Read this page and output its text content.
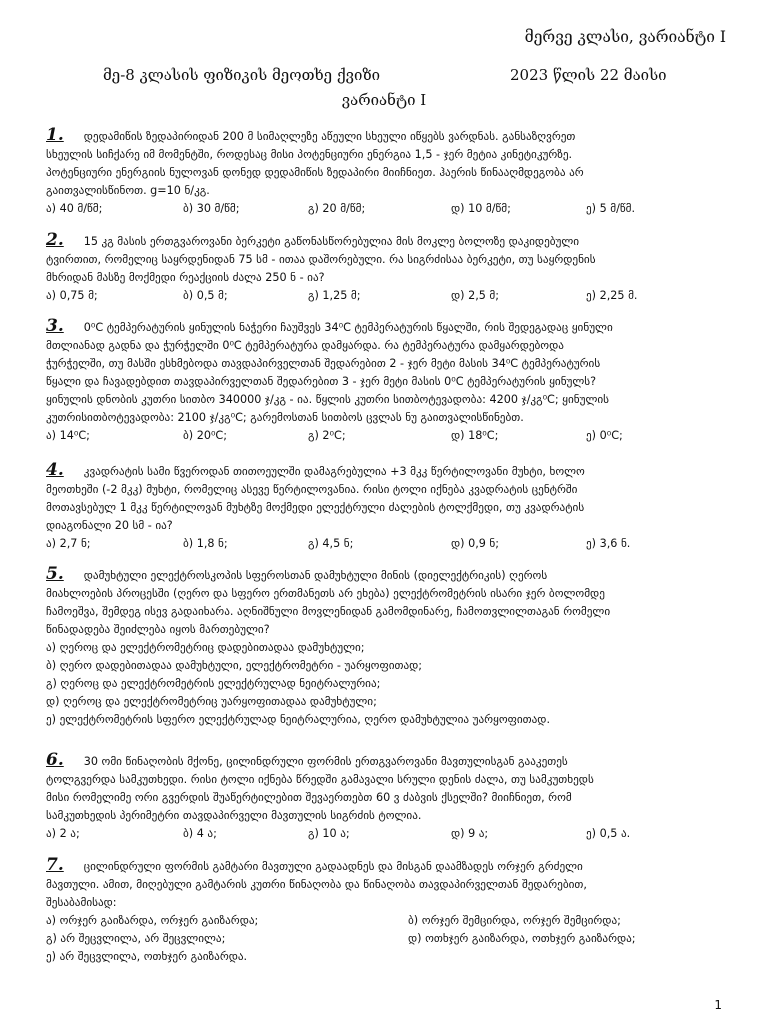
მერვე კლასი, ვარიანტი I
მე-8 კლასის ფიზიკის მეოთხე ქვიზი	2023 წლის 22 მაისი
ვარიანტი I

1. დედამიწის ზედაპირიდან 200 მ სიმაღლეზე აწეული სხეული იწყებს ვარდნას. განსაზღვრეთ

სხეულის სიჩქარე იმ მომენტში, როდესაც მისი პოტენციური ენერგია 1,5 - ჯერ მეტია კინეტიკურზე.

პოტენციური ენერგიის ნულოვან დონედ დედამიწის ზედაპირი მიიჩნიეთ. ჰაერის წინააღმდეგობა არ

გაითვალისწინოთ. g=10 ნ/კგ.

ა) 40 მ/წმ;	ბ) 30 მ/წმ;	გ) 20 მ/წმ;	დ) 10 მ/წმ;	ე) 5 მ/წმ.

2. 15 კგ მასის ერთგვაროვანი ბერკეტი გაწონასწორებულია მის მოკლე ბოლოზე დაკიდებული

ტვირთით, რომელიც საყრდენიდან 75 სმ - ითაა დაშორებული. რა სიგრძისაა ბერკეტი, თუ საყრდენის

მხრიდან მასზე მოქმედი რეაქციის ძალა 250 ნ - ია?

ა) 0,75 მ;	ბ) 0,5 მ;	გ) 1,25 მ;	დ) 2,5 მ;	ე) 2,25 მ.

3. 0⁰C ტემპერატურის ყინულის ნაჭერი ჩაუშვეს 34⁰C ტემპერატურის წყალში, რის შედეგადაც ყინული

მთლიანად გადნა და ჭურჭელში 0⁰C ტემპერატურა დამყარდა. რა ტემპერატურა დამყარდებოდა

ჭურჭელში, თუ მასში ესხმებოდა თავდაპირველთან შედარებით 2 - ჯერ მეტი მასის 34⁰C ტემპერატურის

წყალი და ჩავადებდით თავდაპირველთან შედარებით 3 - ჯერ მეტი მასის 0⁰C ტემპერატურის ყინულს?

ყინულის დნობის კუთრი სითბო 340000 ჯ/კგ - ია. წყლის კუთრი სითბოტევადობა: 4200 ჯ/კგ⁰C; ყინულის

კუთრისითბოტევადობა: 2100 ჯ/კგ⁰C; გარემოსთან სითბოს ცვლას ნუ გაითვალისწინებთ.

ა) 14⁰C;	ბ) 20⁰C;	გ) 2⁰C;	დ) 18⁰C;	ე) 0⁰C;

4. კვადრატის სამი წვეროდან თითოეულში დამაგრებულია +3 მკკ წერტილოვანი მუხტი, ხოლო

მეოთხეში (-2 მკკ) მუხტი, რომელიც ასევე წერტილოვანია. რისი ტოლი იქნება კვადრატის ცენტრში

მოთავსებულ 1 მკკ წერტილოვან მუხტზე მოქმედი ელექტრული ძალების ტოლქმედი, თუ კვადრატის

დიაგონალი 20 სმ - ია?

ა) 2,7 ნ;	ბ) 1,8 ნ;	გ) 4,5 ნ;	დ) 0,9 ნ;	ე) 3,6 ნ.

5. დამუხტული ელექტროსკოპის სფეროსთან დამუხტული მინის (დიელექტრიკის) ღეროს

მიახლოების პროცესში (ღერო და სფერო ერთმანეთს არ ეხება) ელექტრომეტრის ისარი ჯერ ბოლომდე

ჩამოეშვა, შემდეგ ისევ გადაიხარა. აღნიშნული მოვლენიდან გამომდინარე, ჩამოთვლილთაგან რომელი

წინადადება შეიძლება იყოს მართებული?

ა) ღეროც და ელექტრომეტრიც დადებითადაა დამუხტული;

ბ) ღერო დადებითადაა დამუხტული, ელექტრომეტრი - უარყოფითად;

გ) ღეროც და ელექტრომეტრის ელექტრულად ნეიტრალურია;

დ) ღეროც და ელექტრომეტრიც უარყოფითადაა დამუხტული;

ე) ელექტრომეტრის სფერო ელექტრულად ნეიტრალურია, ღერო დამუხტულია უარყოფითად.

6. 30 ომი წინაღობის მქონე, ცილინდრული ფორმის ერთგვაროვანი მავთულისგან გააკეთეს

ტოლგვერდა სამკუთხედი. რისი ტოლი იქნება წრედში გამავალი სრული დენის ძალა, თუ სამკუთხედს

მისი რომელიმე ორი გვერდის შუაწერტილებით შევაერთებთ 60 ვ ძაბვის ქსელში? მიიჩნიეთ, რომ

სამკუთხედის პერიმეტრი თავდაპირველი მავთულის სიგრძის ტოლია.

ა) 2 ა;	ბ) 4 ა;	გ) 10 ა;	დ) 9 ა;	ე) 0,5 ა.

7. ცილინდრული ფორმის გამტარი მავთული გადაადნეს და მისგან დაამზადეს ორჯერ გრძელი

მავთული. ამით, მიღებული გამტარის კუთრი წინაღობა და წინაღობა თავდაპირველთან შედარებით,

შესაბამისად:

ა) ორჯერ გაიზარდა, ორჯერ გაიზარდა;	ბ) ორჯერ შემცირდა, ორჯერ შემცირდა;
გ) არ შეცვლილა, არ შეცვლილა;	დ) ოთხჯერ გაიზარდა, ოთხჯერ გაიზარდა;
ე) არ შეცვლილა, ოთხჯერ გაიზარდა.
1
